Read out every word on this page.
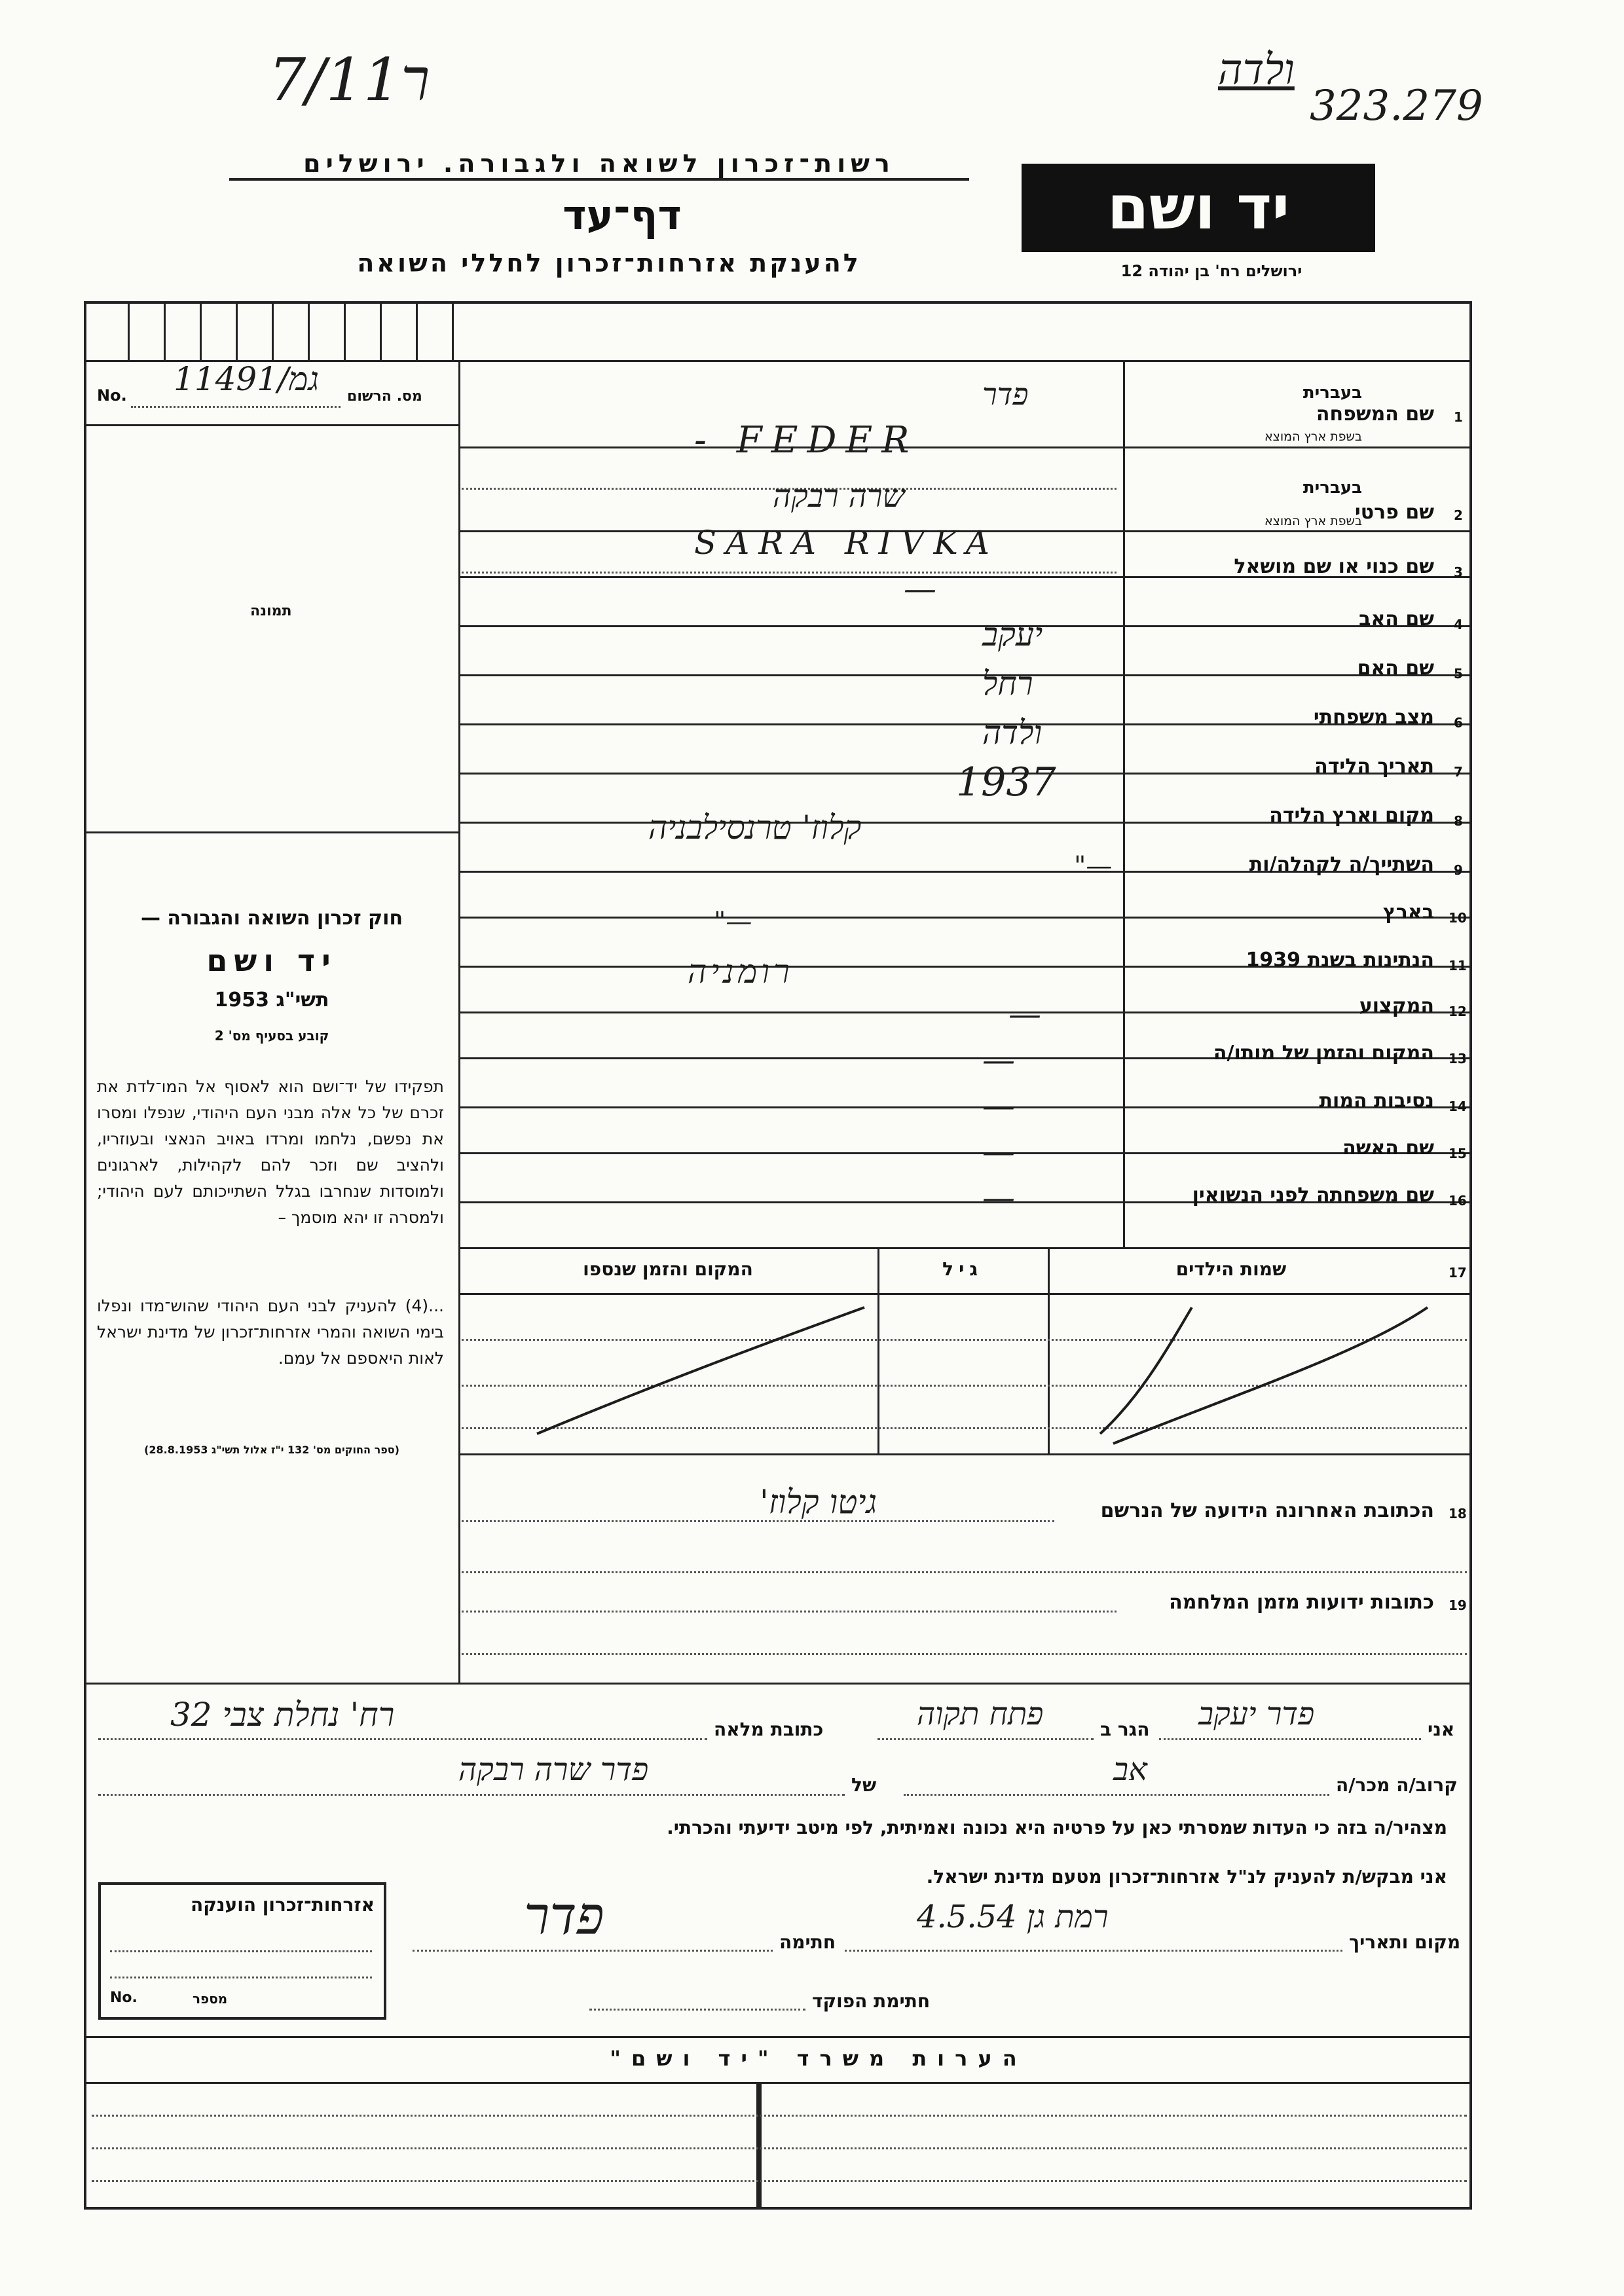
7/11ר	ולדה
323.279
רשות־זכרון לשואה ולגבורה. ירושלים
דף־עד
להענקת אזרחות־זכרון לחללי השואה
יד ושם
ירושלים רח' בן יהודה 12
No. גמ/11491 מס. הרשום
תמונה
חוק זכרון השואה והגבורה —
יד ושם
תשי"ג 1953
קובע בסעיף מס' 2
תפקידו של יד־ושם הוא לאסוף אל המו־לדת את זכרם של כל אלה מבני העם היהודי, שנפלו ומסרו את נפשם, נלחמו ומרדו באויב הנאצי ובעוזריו, ולהציב שם וזכר להם לקהילות, לארגונים ולמוסדות שנחרבו בגלל השתייכותם לעם היהודי; ולמסרה זו יהא מוסמך –
...(4) להעניק לבני העם היהודי שהוש־מדו ונפלו בימי השואה והמרי אזרחות־זכרון של מדינת ישראל לאות היאספם אל עמם.
(ספר החוקים מס' 132 י"ז אלול תשי"ג 28.8.1953)
1
שם המשפחה
בעברית
בשפת ארץ המוצא
פדר
- FEDER
2
שם פרטי
בעברית
בשפת ארץ המוצא
שרה רבקה
SARA RIVKA
3
שם כנוי או שם מושאל
—
4
שם האב
יעקב
5
שם האם
רחל
6
מצב משפחתי
ולדה
7
תאריך הלידה
1937
8
מקום וארץ הלידה
קלוז' טרנסילבניה
9
השתייך/ה לקהלה/ות
"—
10
בארץ
"—
11
הנתינות בשנת 1939
רומניה
12
המקצוע
—
13
המקום והזמן של מותו/ה
—
14
נסיבות המות
—
15
שם האשה
—
16
שם משפחתה לפני הנשואין
—
17
שמות הילדים
גיל
המקום והזמן שנספו
18
הכתובת האחרונה הידועה של הנרשם
גיטו קלוז'
19
כתובות ידועות מזמן המלחמה
אני
פדר יעקב
הגר ב
פתח תקוה
כתובת מלאה
רח' נחלת צבי 32
קרוב/ה מכר/ה
אב
של
פדר שרה רבקה
מצהיר/ה בזה כי העדות שמסרתי כאן על פרטיה היא נכונה ואמיתית, לפי מיטב ידיעתי והכרתי.
אני מבקש/ת להעניק לנ"ל אזרחות־זכרון מטעם מדינת ישראל.
מקום ותאריך
רמת גן 4.5.54
חתימה
פדר
חתימת הפוקד
אזרחות־זכרון הוענקה
No.	מספר
הערות משרד "יד ושם"
